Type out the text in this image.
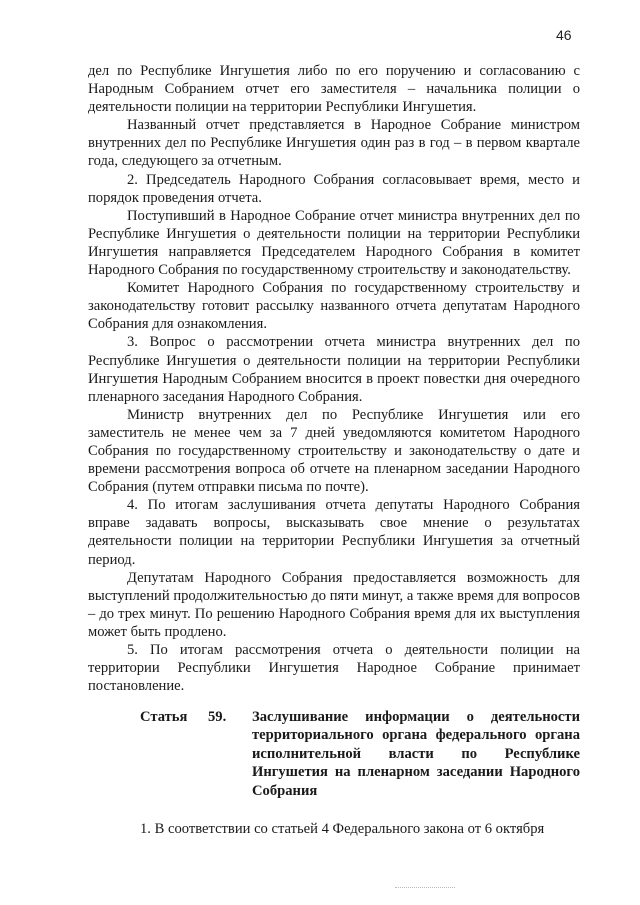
46

дел по Республике Ингушетия либо по его поручению и согласованию с Народным Собранием отчет его заместителя – начальника полиции о деятельности полиции на территории Республики Ингушетия.

Названный отчет представляется в Народное Собрание министром внутренних дел по Республике Ингушетия один раз в год – в первом квартале года, следующего за отчетным.

2. Председатель Народного Собрания согласовывает время, место и порядок проведения отчета.

Поступивший в Народное Собрание отчет министра внутренних дел по Республике Ингушетия о деятельности полиции на территории Республики Ингушетия направляется Председателем Народного Собрания в комитет Народного Собрания по государственному строительству и законодательству.

Комитет Народного Собрания по государственному строительству и законодательству готовит рассылку названного отчета депутатам Народного Собрания для ознакомления.

3. Вопрос о рассмотрении отчета министра внутренних дел по Республике Ингушетия о деятельности полиции на территории Республики Ингушетия Народным Собранием вносится в проект повестки дня очередного пленарного заседания Народного Собрания.

Министр внутренних дел по Республике Ингушетия или его заместитель не менее чем за 7 дней уведомляются комитетом Народного Собрания по государственному строительству и законодательству о дате и времени рассмотрения вопроса об отчете на пленарном заседании Народного Собрания (путем отправки письма по почте).

4. По итогам заслушивания отчета депутаты Народного Собрания вправе задавать вопросы, высказывать свое мнение о результатах деятельности полиции на территории Республики Ингушетия за отчетный период.

Депутатам Народного Собрания предоставляется возможность для выступлений продолжительностью до пяти минут, а также время для вопросов – до трех минут. По решению Народного Собрания время для их выступления может быть продлено.

5. По итогам рассмотрения отчета о деятельности полиции на территории Республики Ингушетия Народное Собрание принимает постановление.

Статья 59. Заслушивание информации о деятельности территориального органа федерального органа исполнительной власти по Республике Ингушетия на пленарном заседании Народного Собрания
1. В соответствии со статьей 4 Федерального закона от 6 октября
